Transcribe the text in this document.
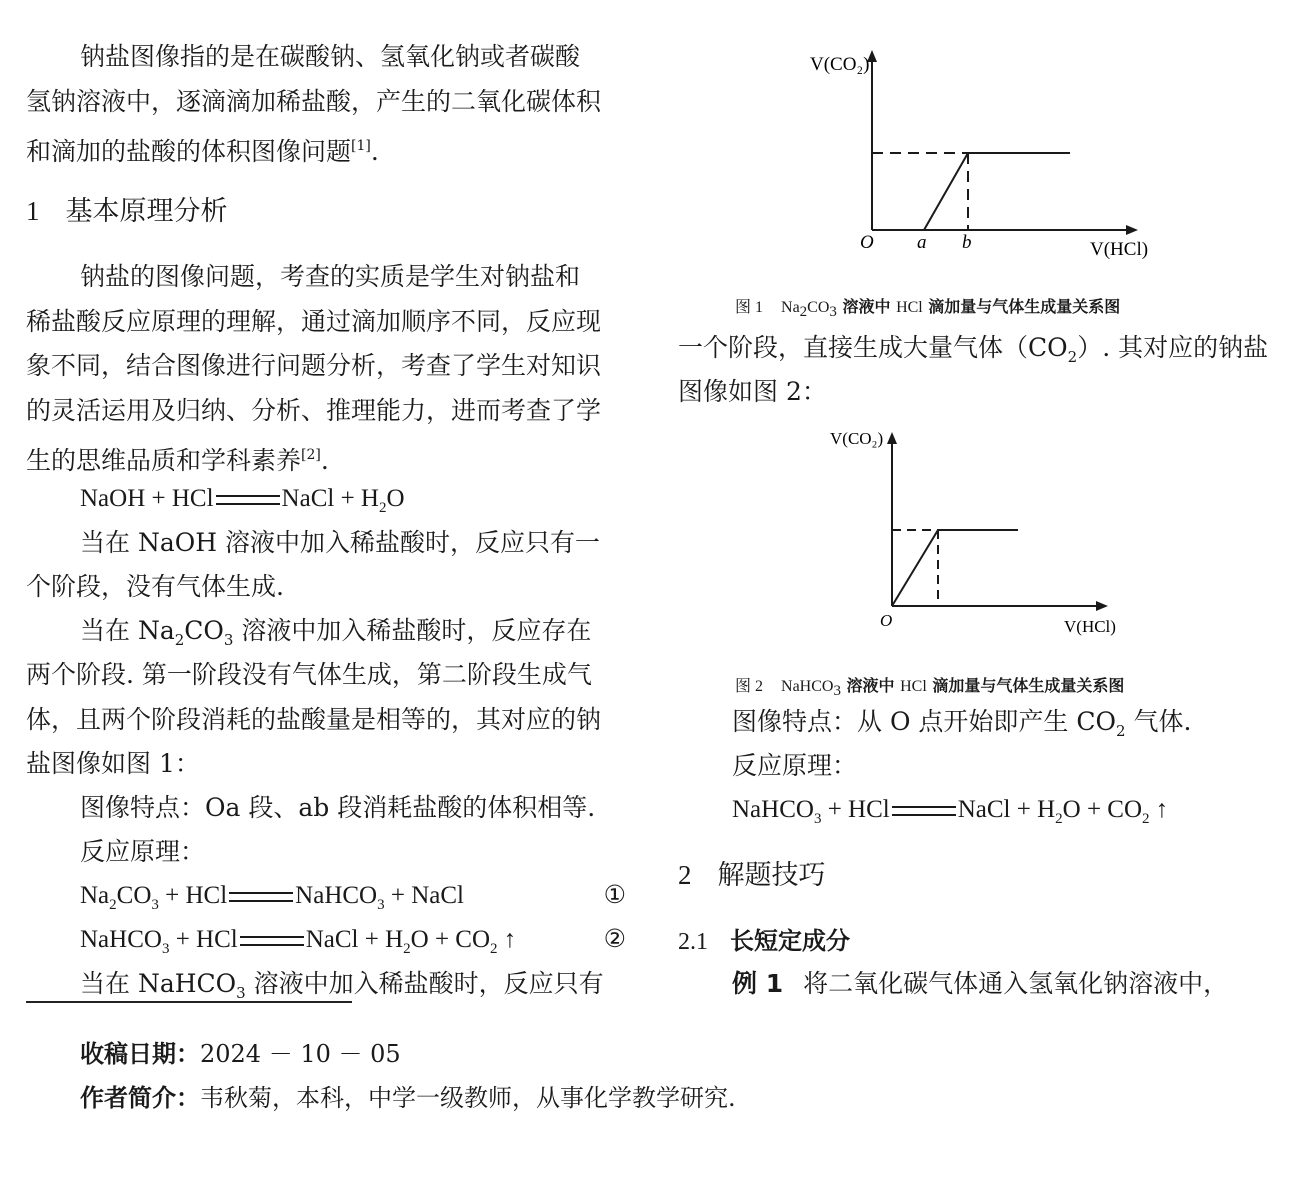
钠盐图像指的是在碳酸钠、氢氧化钠或者碳酸
氢钠溶液中，逐滴滴加稀盐酸，产生的二氧化碳体积
和滴加的盐酸的体积图像问题[1].
1 基本原理分析
钠盐的图像问题，考查的实质是学生对钠盐和
稀盐酸反应原理的理解，通过滴加顺序不同，反应现
象不同，结合图像进行问题分析，考查了学生对知识
的灵活运用及归纳、分析、推理能力，进而考查了学
生的思维品质和学科素养[2].
NaOH + HCl	NaCl + $H_2O$
当在 NaOH 溶液中加入稀盐酸时，反应只有一
个阶段，没有气体生成.
当在 $Na_2CO_3$ 溶液中加入稀盐酸时，反应存在
两个阶段. 第一阶段没有气体生成，第二阶段生成气
体，且两个阶段消耗的盐酸量是相等的，其对应的钠
盐图像如图 1：
图像特点：Oa 段、ab 段消耗盐酸的体积相等.
反应原理：
$Na_2CO_3$ + HCl	NaHCO$_3$ + NaCl	①
NaHCO$_3$ + HCl	NaCl + $H_2O + CO_2$ ↑	②
当在 NaHCO$_3$ 溶液中加入稀盐酸时，反应只有
收稿日期：2024 － 10 － 05
作者简介：韦秋菊，本科，中学一级教师，从事化学教学研究.
V(CO₂)
V(HCl)
O a b
图 1 $Na_2CO_3$ 溶液中 HCl 滴加量与气体生成量关系图
一个阶段，直接生成大量气体$(CO_2)$. 其对应的钠盐
图像如图 2：
图像特点：从 O 点开始即产生 $CO_2$ 气体.
反应原理：
NaHCO$_3$ + HCl	NaCl + $H_2O + CO_2$ ↑
2 解题技巧
2.1 长短定成分
例 1 将二氧化碳气体通入氢氧化钠溶液中，
V(CO₂)
V(HCl)
O
图 2 NaHCO$_3$ 溶液中 HCl 滴加量与气体生成量关系图
